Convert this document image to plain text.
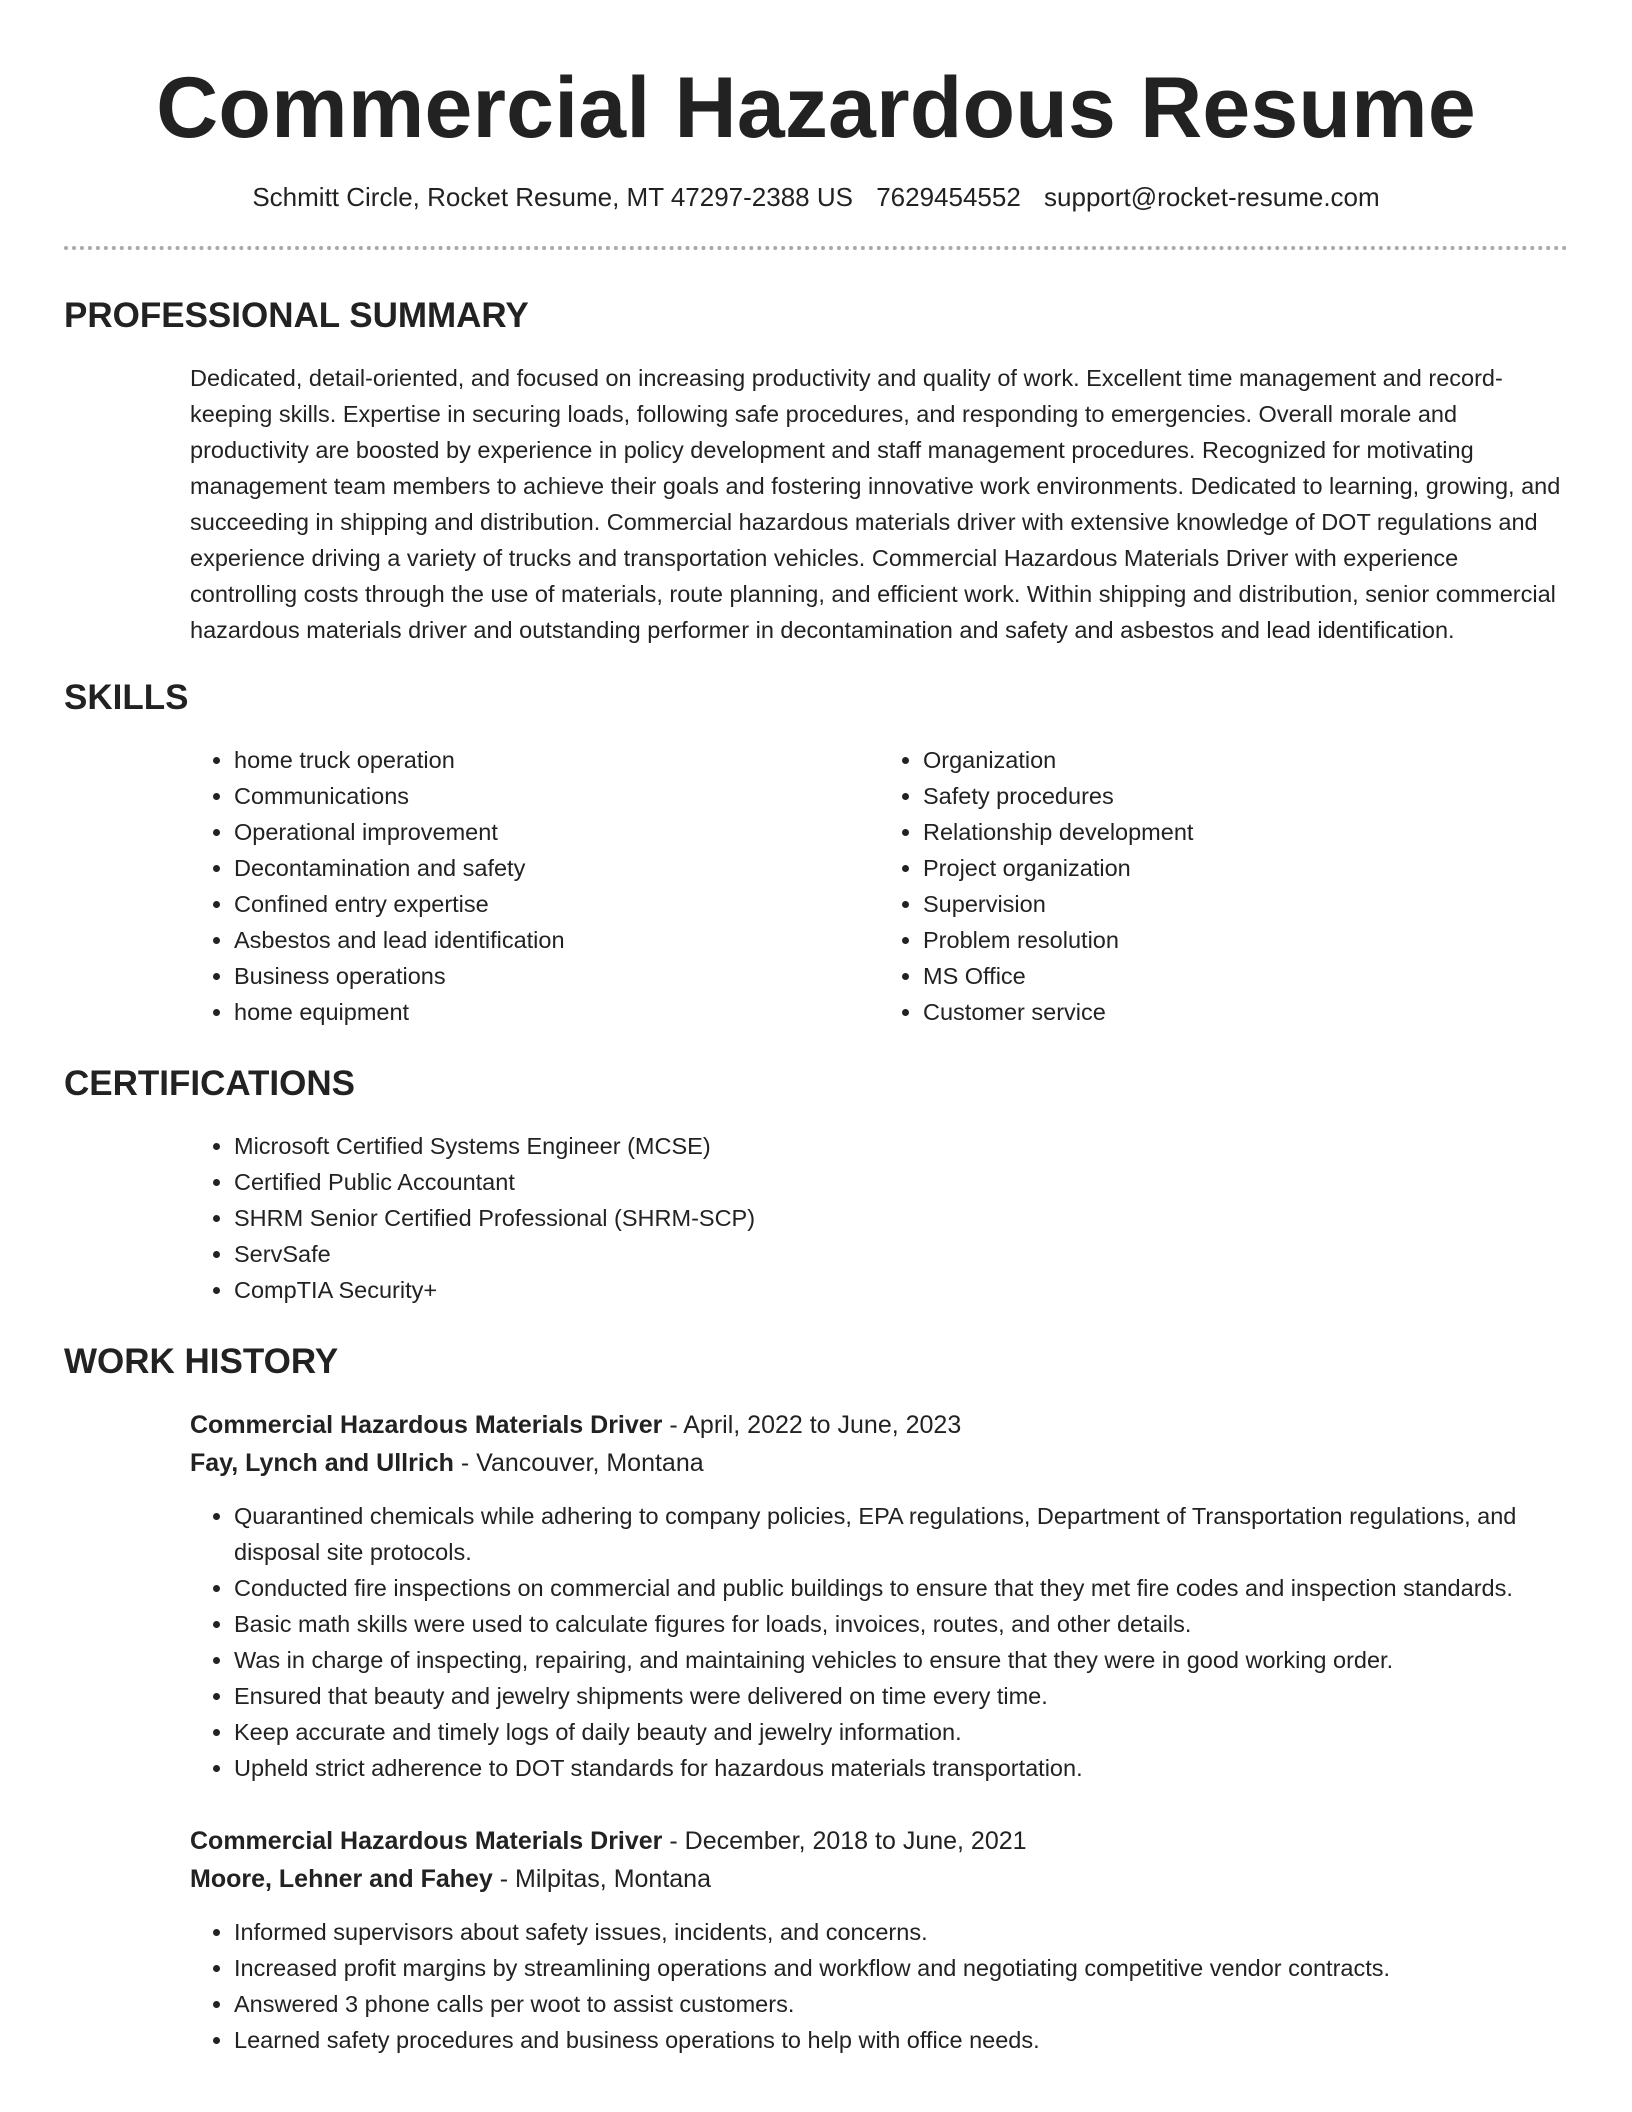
Commercial Hazardous Resume
Schmitt Circle, Rocket Resume, MT 47297-2388 US 7629454552 support@rocket-resume.com
PROFESSIONAL SUMMARY

Dedicated, detail-oriented, and focused on increasing productivity and quality of work. Excellent time management and record-keeping skills. Expertise in securing loads, following safe procedures, and responding to emergencies. Overall morale and productivity are boosted by experience in policy development and staff management procedures. Recognized for motivating management team members to achieve their goals and fostering innovative work environments. Dedicated to learning, growing, and succeeding in shipping and distribution. Commercial hazardous materials driver with extensive knowledge of DOT regulations and experience driving a variety of trucks and transportation vehicles. Commercial Hazardous Materials Driver with experience controlling costs through the use of materials, route planning, and efficient work. Within shipping and distribution, senior commercial hazardous materials driver and outstanding performer in decontamination and safety and asbestos and lead identification.

SKILLS
• home truck operation
• Communications
• Operational improvement
• Decontamination and safety
• Confined entry expertise
• Asbestos and lead identification
• Business operations
• home equipment
• Organization
• Safety procedures
• Relationship development
• Project organization
• Supervision
• Problem resolution
• MS Office
• Customer service
CERTIFICATIONS
• Microsoft Certified Systems Engineer (MCSE)
• Certified Public Accountant
• SHRM Senior Certified Professional (SHRM-SCP)
• ServSafe
• CompTIA Security+
WORK HISTORY
Commercial Hazardous Materials Driver - April, 2022 to June, 2023
Fay, Lynch and Ullrich - Vancouver, Montana
• Quarantined chemicals while adhering to company policies, EPA regulations, Department of Transportation regulations, and disposal site protocols.
• Conducted fire inspections on commercial and public buildings to ensure that they met fire codes and inspection standards.
• Basic math skills were used to calculate figures for loads, invoices, routes, and other details.
• Was in charge of inspecting, repairing, and maintaining vehicles to ensure that they were in good working order.
• Ensured that beauty and jewelry shipments were delivered on time every time.
• Keep accurate and timely logs of daily beauty and jewelry information.
• Upheld strict adherence to DOT standards for hazardous materials transportation.
Commercial Hazardous Materials Driver - December, 2018 to June, 2021
Moore, Lehner and Fahey - Milpitas, Montana
• Informed supervisors about safety issues, incidents, and concerns.
• Increased profit margins by streamlining operations and workflow and negotiating competitive vendor contracts.
• Answered 3 phone calls per woot to assist customers.
• Learned safety procedures and business operations to help with office needs.
